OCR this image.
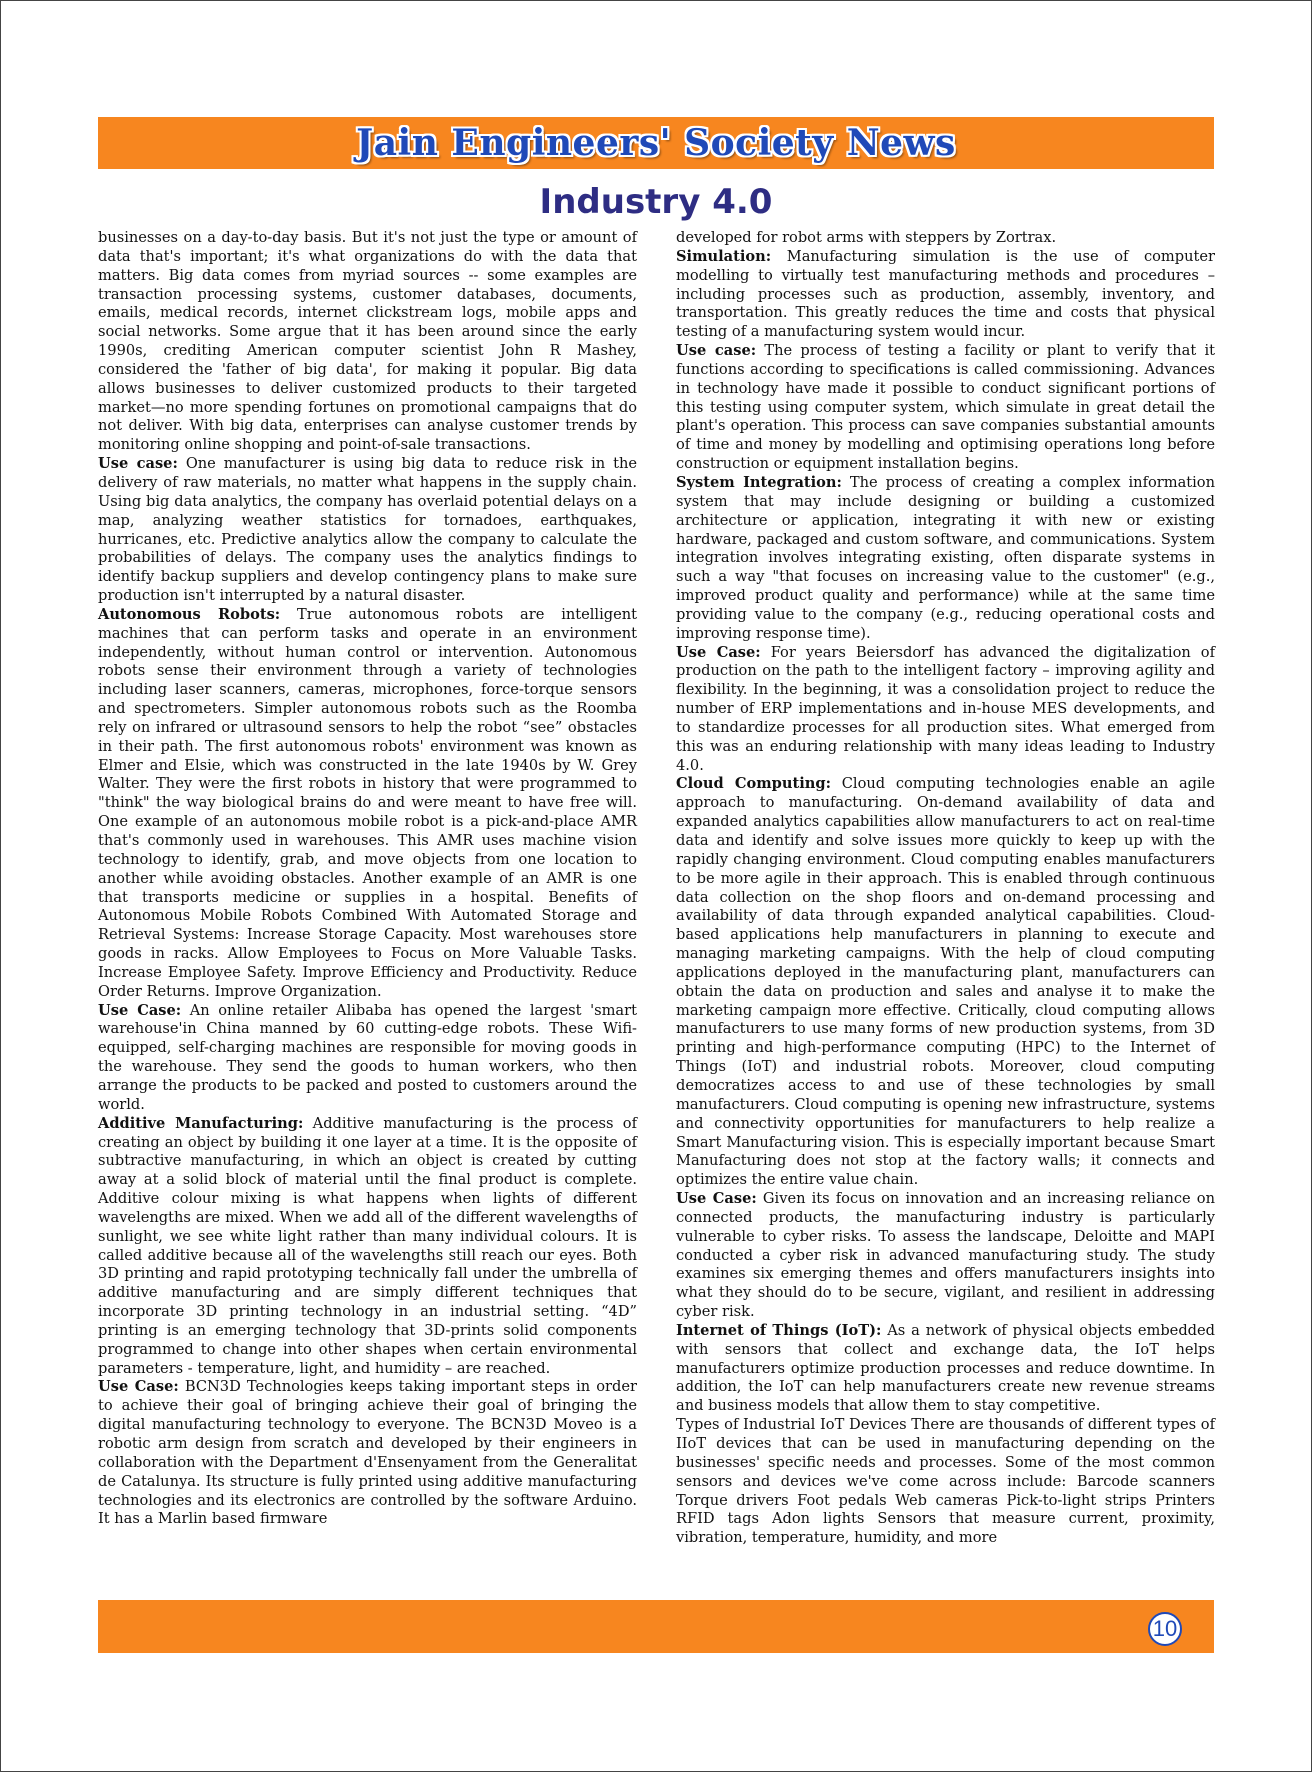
Jain Engineers' Society News
Industry 4.0

businesses on a day-to-day basis. But it's not just the type or amount of data that's important; it's what organizations do with the data that matters. Big data comes from myriad sources -- some examples are transaction processing systems, customer databases, documents, emails, medical records, internet clickstream logs, mobile apps and social networks. Some argue that it has been around since the early 1990s, crediting American computer scientist John R Mashey, considered the 'father of big data', for making it popular. Big data allows businesses to deliver customized products to their targeted market—no more spending fortunes on promotional campaigns that do not deliver. With big data, enterprises can analyse customer trends by monitoring online shopping and point-of-sale transactions.

Use case: One manufacturer is using big data to reduce risk in the delivery of raw materials, no matter what happens in the supply chain. Using big data analytics, the company has overlaid potential delays on a map, analyzing weather statistics for tornadoes, earthquakes, hurricanes, etc. Predictive analytics allow the company to calculate the probabilities of delays. The company uses the analytics findings to identify backup suppliers and develop contingency plans to make sure production isn't interrupted by a natural disaster.

Autonomous Robots: True autonomous robots are intelligent machines that can perform tasks and operate in an environment independently, without human control or intervention. Autonomous robots sense their environment through a variety of technologies including laser scanners, cameras, microphones, force-torque sensors and spectrometers. Simpler autonomous robots such as the Roomba rely on infrared or ultrasound sensors to help the robot “see” obstacles in their path. The first autonomous robots' environment was known as Elmer and Elsie, which was constructed in the late 1940s by W. Grey Walter. They were the first robots in history that were programmed to "think" the way biological brains do and were meant to have free will. One example of an autonomous mobile robot is a pick-and-place AMR that's commonly used in warehouses. This AMR uses machine vision technology to identify, grab, and move objects from one location to another while avoiding obstacles. Another example of an AMR is one that transports medicine or supplies in a hospital. Benefits of Autonomous Mobile Robots Combined With Automated Storage and Retrieval Systems: Increase Storage Capacity. Most warehouses store goods in racks. Allow Employees to Focus on More Valuable Tasks. Increase Employee Safety. Improve Efficiency and Productivity. Reduce Order Returns. Improve Organization.

Use Case: An online retailer Alibaba has opened the largest 'smart warehouse'in China manned by 60 cutting-edge robots. These Wifi-equipped, self-charging machines are responsible for moving goods in the warehouse. They send the goods to human workers, who then arrange the products to be packed and posted to customers around the world.

Additive Manufacturing: Additive manufacturing is the process of creating an object by building it one layer at a time. It is the opposite of subtractive manufacturing, in which an object is created by cutting away at a solid block of material until the final product is complete. Additive colour mixing is what happens when lights of different wavelengths are mixed. When we add all of the different wavelengths of sunlight, we see white light rather than many individual colours. It is called additive because all of the wavelengths still reach our eyes. Both 3D printing and rapid prototyping technically fall under the umbrella of additive manufacturing and are simply different techniques that incorporate 3D printing technology in an industrial setting. “4D” printing is an emerging technology that 3D-prints solid components programmed to change into other shapes when certain environmental parameters - temperature, light, and humidity – are reached.

Use Case: BCN3D Technologies keeps taking important steps in order to achieve their goal of bringing achieve their goal of bringing the digital manufacturing technology to everyone. The BCN3D Moveo is a robotic arm design from scratch and developed by their engineers in collaboration with the Department d'Ensenyament from the Generalitat de Catalunya. Its structure is fully printed using additive manufacturing technologies and its electronics are controlled by the software Arduino. It has a Marlin based firmware

developed for robot arms with steppers by Zortrax.

Simulation: Manufacturing simulation is the use of computer modelling to virtually test manufacturing methods and procedures – including processes such as production, assembly, inventory, and transportation. This greatly reduces the time and costs that physical testing of a manufacturing system would incur.

Use case: The process of testing a facility or plant to verify that it functions according to specifications is called commissioning. Advances in technology have made it possible to conduct significant portions of this testing using computer system, which simulate in great detail the plant's operation. This process can save companies substantial amounts of time and money by modelling and optimising operations long before construction or equipment installation begins.

System Integration: The process of creating a complex information system that may include designing or building a customized architecture or application, integrating it with new or existing hardware, packaged and custom software, and communications. System integration involves integrating existing, often disparate systems in such a way "that focuses on increasing value to the customer" (e.g., improved product quality and performance) while at the same time providing value to the company (e.g., reducing operational costs and improving response time).

Use Case: For years Beiersdorf has advanced the digitalization of production on the path to the intelligent factory – improving agility and flexibility. In the beginning, it was a consolidation project to reduce the number of ERP implementations and in-house MES developments, and to standardize processes for all production sites. What emerged from this was an enduring relationship with many ideas leading to Industry 4.0.

Cloud Computing: Cloud computing technologies enable an agile approach to manufacturing. On-demand availability of data and expanded analytics capabilities allow manufacturers to act on real-time data and identify and solve issues more quickly to keep up with the rapidly changing environment. Cloud computing enables manufacturers to be more agile in their approach. This is enabled through continuous data collection on the shop floors and on-demand processing and availability of data through expanded analytical capabilities. Cloud-based applications help manufacturers in planning to execute and managing marketing campaigns. With the help of cloud computing applications deployed in the manufacturing plant, manufacturers can obtain the data on production and sales and analyse it to make the marketing campaign more effective. Critically, cloud computing allows manufacturers to use many forms of new production systems, from 3D printing and high-performance computing (HPC) to the Internet of Things (IoT) and industrial robots. Moreover, cloud computing democratizes access to and use of these technologies by small manufacturers. Cloud computing is opening new infrastructure, systems and connectivity opportunities for manufacturers to help realize a Smart Manufacturing vision. This is especially important because Smart Manufacturing does not stop at the factory walls; it connects and optimizes the entire value chain.

Use Case: Given its focus on innovation and an increasing reliance on connected products, the manufacturing industry is particularly vulnerable to cyber risks. To assess the landscape, Deloitte and MAPI conducted a cyber risk in advanced manufacturing study. The study examines six emerging themes and offers manufacturers insights into what they should do to be secure, vigilant, and resilient in addressing cyber risk.

Internet of Things (IoT): As a network of physical objects embedded with sensors that collect and exchange data, the IoT helps manufacturers optimize production processes and reduce downtime. In addition, the IoT can help manufacturers create new revenue streams and business models that allow them to stay competitive.

Types of Industrial IoT Devices There are thousands of different types of IIoT devices that can be used in manufacturing depending on the businesses' specific needs and processes. Some of the most common sensors and devices we've come across include: Barcode scanners Torque drivers Foot pedals Web cameras Pick-to-light strips Printers RFID tags Adon lights Sensors that measure current, proximity, vibration, temperature, humidity, and more

10
